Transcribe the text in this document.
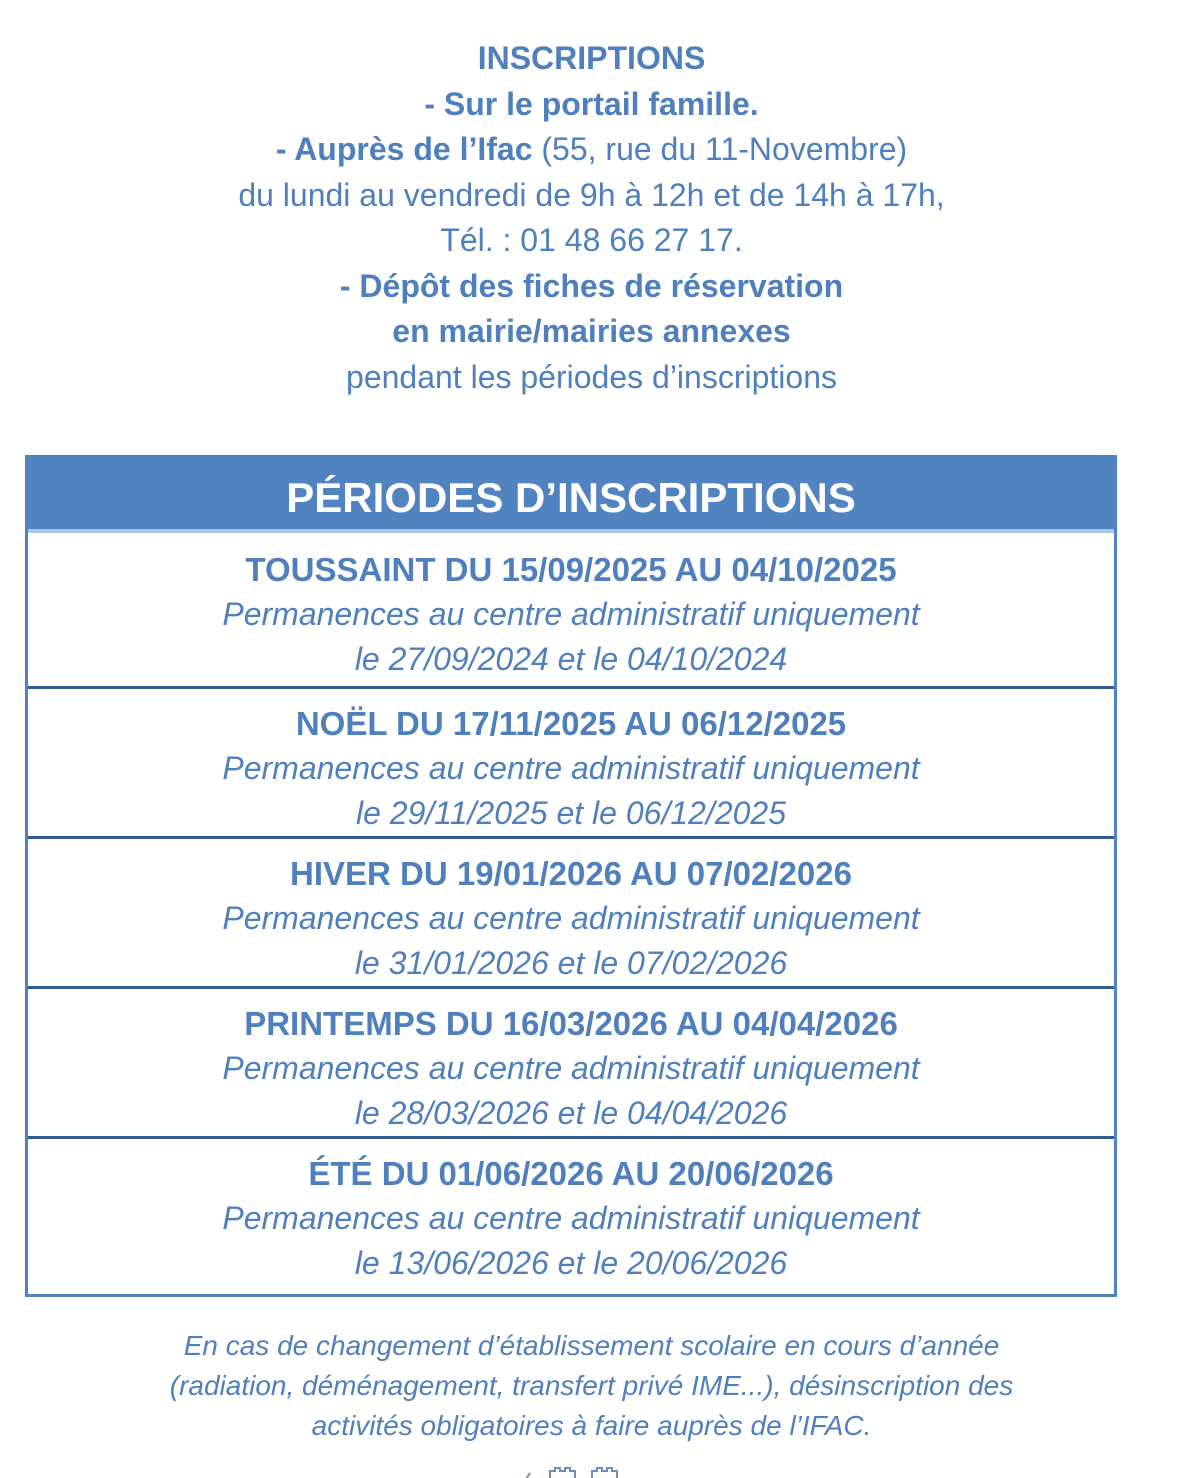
INSCRIPTIONS
- Sur le portail famille.
- Auprès de l’Ifac (55, rue du 11-Novembre)
du lundi au vendredi de 9h à 12h et de 14h à 17h,
Tél. : 01 48 66 27 17.
- Dépôt des fiches de réservation
en mairie/mairies annexes
pendant les périodes d’inscriptions
PÉRIODES D’INSCRIPTIONS
TOUSSAINT DU 15/09/2025 AU 04/10/2025
Permanences au centre administratif uniquement
le 27/09/2024 et le 04/10/2024
NOËL DU 17/11/2025 AU 06/12/2025
Permanences au centre administratif uniquement
le 29/11/2025 et le 06/12/2025
HIVER DU 19/01/2026 AU 07/02/2026
Permanences au centre administratif uniquement
le 31/01/2026 et le 07/02/2026
PRINTEMPS DU 16/03/2026 AU 04/04/2026
Permanences au centre administratif uniquement
le 28/03/2026 et le 04/04/2026
ÉTÉ DU 01/06/2026 AU 20/06/2026
Permanences au centre administratif uniquement
le 13/06/2026 et le 20/06/2026
En cas de changement d’établissement scolaire en cours d’année
(radiation, déménagement, transfert privé IME...), désinscription des
activités obligatoires à faire auprès de l’IFAC.
